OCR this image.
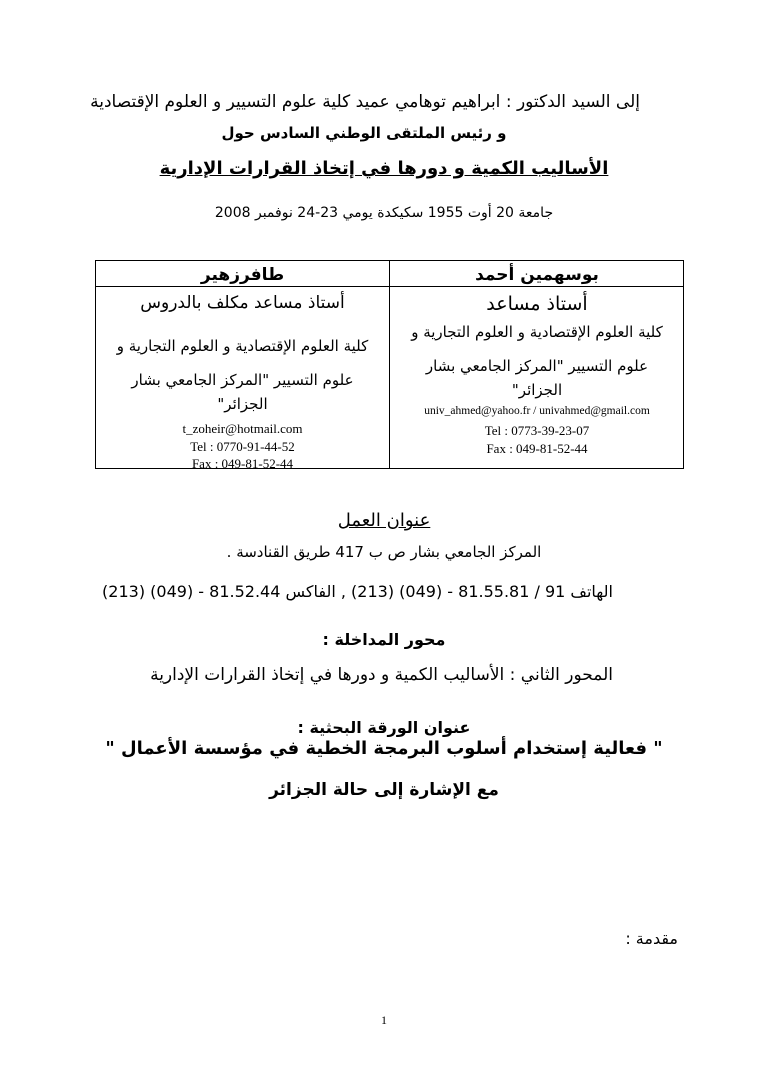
إلى السيد الدكتور : ابراهيم توهامي عميد كلية علوم التسيير و العلوم الإقتصادية
و رئيس الملتقى الوطني السادس حول
الأساليب الكمية و دورها في إتخاذ القرارات الإدارية
جامعة 20 أوت 1955 سكيكدة يومي 23-24 نوفمبر 2008
بوسهمين أحمد
أستاذ مساعد
كلية العلوم الإقتصادية و العلوم التجارية و
علوم التسيير "المركز الجامعي بشار
الجزائر"
univ_ahmed@yahoo.fr / univahmed@gmail.com
Tel : 0773-39-23-07
Fax : 049-81-52-44
طافرزهير
أستاذ مساعد مكلف بالدروس
كلية العلوم الإقتصادية و العلوم التجارية و
علوم التسيير "المركز الجامعي بشار
الجزائر"
t_zoheir@hotmail.com
Tel : 0770-91-44-52
Fax : 049-81-52-44
عنوان العمل
المركز الجامعي بشار ص ب 417 طريق القنادسة .
الهاتف 91 / 81.55.81 - (049) (213) , الفاكس 81.52.44 - (049) (213)
محور المداخلة :
المحور الثاني : الأساليب الكمية و دورها في إتخاذ القرارات الإدارية
عنوان الورقة البحثية :
" فعالية إستخدام أسلوب البرمجة الخطية في مؤسسة الأعمال "
مع الإشارة إلى حالة الجزائر
مقدمة :
1
